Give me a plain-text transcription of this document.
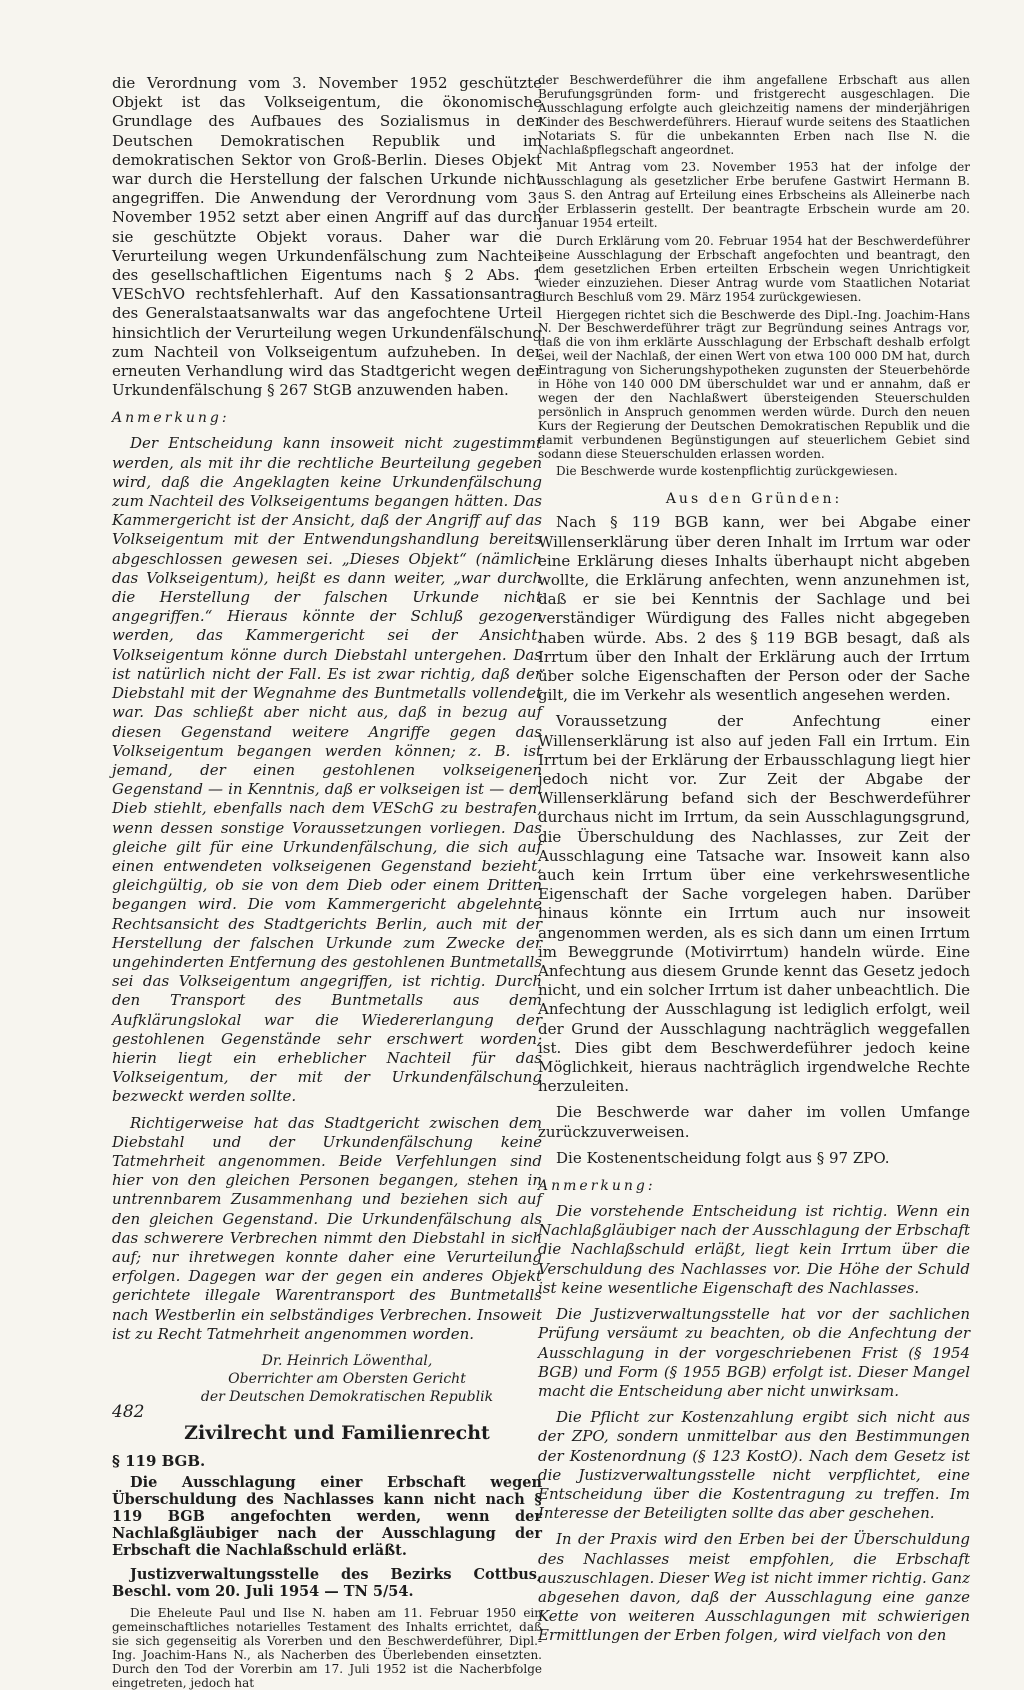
die Verordnung vom 3. November 1952 geschützte Objekt ist das Volkseigentum, die ökonomische Grundlage des Aufbaues des Sozialismus in der Deutschen Demokratischen Republik und im demokratischen Sektor von Groß-Berlin. Dieses Objekt war durch die Herstellung der falschen Urkunde nicht angegriffen. Die Anwendung der Verordnung vom 3. November 1952 setzt aber einen Angriff auf das durch sie geschützte Objekt voraus. Daher war die Verurteilung wegen Urkundenfälschung zum Nachteil des gesellschaftlichen Eigentums nach § 2 Abs. 1 VESchVO rechtsfehlerhaft. Auf den Kassationsantrag des Generalstaatsanwalts war das angefochtene Urteil hinsichtlich der Verurteilung wegen Urkundenfälschung zum Nachteil von Volkseigentum aufzuheben. In der erneuten Verhandlung wird das Stadtgericht wegen der Urkundenfälschung § 267 StGB anzuwenden haben.

Anmerkung:

Der Entscheidung kann insoweit nicht zugestimmt werden, als mit ihr die rechtliche Beurteilung gegeben wird, daß die Angeklagten keine Urkundenfälschung zum Nachteil des Volkseigentums begangen hätten. Das Kammergericht ist der Ansicht, daß der Angriff auf das Volkseigentum mit der Entwendungshandlung bereits abgeschlossen gewesen sei. „Dieses Objekt“ (nämlich das Volkseigentum), heißt es dann weiter, „war durch die Herstellung der falschen Urkunde nicht angegriffen.“ Hieraus könnte der Schluß gezogen werden, das Kammergericht sei der Ansicht, Volkseigentum könne durch Diebstahl untergehen. Das ist natürlich nicht der Fall. Es ist zwar richtig, daß der Diebstahl mit der Wegnahme des Buntmetalls vollendet war. Das schließt aber nicht aus, daß in bezug auf diesen Gegenstand weitere Angriffe gegen das Volkseigentum begangen werden können; z. B. ist jemand, der einen gestohlenen volkseigenen Gegenstand — in Kenntnis, daß er volkseigen ist — dem Dieb stiehlt, ebenfalls nach dem VESchG zu bestrafen, wenn dessen sonstige Voraussetzungen vorliegen. Das gleiche gilt für eine Urkundenfälschung, die sich auf einen entwendeten volkseigenen Gegenstand bezieht, gleichgültig, ob sie von dem Dieb oder einem Dritten begangen wird. Die vom Kammergericht abgelehnte Rechtsansicht des Stadtgerichts Berlin, auch mit der Herstellung der falschen Urkunde zum Zwecke der ungehinderten Entfernung des gestohlenen Buntmetalls sei das Volkseigentum angegriffen, ist richtig. Durch den Transport des Buntmetalls aus dem Aufklärungslokal war die Wiedererlangung der gestohlenen Gegenstände sehr erschwert worden; hierin liegt ein erheblicher Nachteil für das Volkseigentum, der mit der Urkundenfälschung bezweckt werden sollte.

Richtigerweise hat das Stadtgericht zwischen dem Diebstahl und der Urkundenfälschung keine Tatmehrheit angenommen. Beide Verfehlungen sind hier von den gleichen Personen begangen, stehen in untrennbarem Zusammenhang und beziehen sich auf den gleichen Gegenstand. Die Urkundenfälschung als das schwerere Verbrechen nimmt den Diebstahl in sich auf; nur ihretwegen konnte daher eine Verurteilung erfolgen. Dagegen war der gegen ein anderes Objekt gerichtete illegale Warentransport des Buntmetalls nach Westberlin ein selbständiges Verbrechen. Insoweit ist zu Recht Tatmehrheit angenommen worden.

Dr. Heinrich Löwenthal,
Oberrichter am Obersten Gericht
der Deutschen Demokratischen Republik
Zivilrecht und Familienrecht
§ 119 BGB.

Die Ausschlagung einer Erbschaft wegen Überschuldung des Nachlasses kann nicht nach § 119 BGB angefochten werden, wenn der Nachlaßgläubiger nach der Ausschlagung der Erbschaft die Nachlaßschuld erläßt.

Justizverwaltungsstelle des Bezirks Cottbus, Beschl. vom 20. Juli 1954 — TN 5/54.

Die Eheleute Paul und Ilse N. haben am 11. Februar 1950 ein gemeinschaftliches notarielles Testament des Inhalts errichtet, daß sie sich gegenseitig als Vorerben und den Beschwerdeführer, Dipl.-Ing. Joachim-Hans N., als Nacherben des Überlebenden einsetzten. Durch den Tod der Vorerbin am 17. Juli 1952 ist die Nacherbfolge eingetreten, jedoch hat

der Beschwerdeführer die ihm angefallene Erbschaft aus allen Berufungsgründen form- und fristgerecht ausgeschlagen. Die Ausschlagung erfolgte auch gleichzeitig namens der minderjährigen Kinder des Beschwerdeführers. Hierauf wurde seitens des Staatlichen Notariats S. für die unbekannten Erben nach Ilse N. die Nachlaßpflegschaft angeordnet.

Mit Antrag vom 23. November 1953 hat der infolge der Ausschlagung als gesetzlicher Erbe berufene Gastwirt Hermann B. aus S. den Antrag auf Erteilung eines Erbscheins als Alleinerbe nach der Erblasserin gestellt. Der beantragte Erbschein wurde am 20. Januar 1954 erteilt.

Durch Erklärung vom 20. Februar 1954 hat der Beschwerdeführer seine Ausschlagung der Erbschaft angefochten und beantragt, den dem gesetzlichen Erben erteilten Erbschein wegen Unrichtigkeit wieder einzuziehen. Dieser Antrag wurde vom Staatlichen Notariat durch Beschluß vom 29. März 1954 zurückgewiesen.

Hiergegen richtet sich die Beschwerde des Dipl.-Ing. Joachim-Hans N. Der Beschwerdeführer trägt zur Begründung seines Antrags vor, daß die von ihm erklärte Ausschlagung der Erbschaft deshalb erfolgt sei, weil der Nachlaß, der einen Wert von etwa 100 000 DM hat, durch Eintragung von Sicherungshypotheken zugunsten der Steuerbehörde in Höhe von 140 000 DM überschuldet war und er annahm, daß er wegen der den Nachlaßwert übersteigenden Steuerschulden persönlich in Anspruch genommen werden würde. Durch den neuen Kurs der Regierung der Deutschen Demokratischen Republik und die damit verbundenen Begünstigungen auf steuerlichem Gebiet sind sodann diese Steuerschulden erlassen worden.

Die Beschwerde wurde kostenpflichtig zurückgewiesen.

Aus den Gründen:

Nach § 119 BGB kann, wer bei Abgabe einer Willenserklärung über deren Inhalt im Irrtum war oder eine Erklärung dieses Inhalts überhaupt nicht abgeben wollte, die Erklärung anfechten, wenn anzunehmen ist, daß er sie bei Kenntnis der Sachlage und bei verständiger Würdigung des Falles nicht abgegeben haben würde. Abs. 2 des § 119 BGB besagt, daß als Irrtum über den Inhalt der Erklärung auch der Irrtum über solche Eigenschaften der Person oder der Sache gilt, die im Verkehr als wesentlich angesehen werden.

Voraussetzung der Anfechtung einer Willenserklärung ist also auf jeden Fall ein Irrtum. Ein Irrtum bei der Erklärung der Erbausschlagung liegt hier jedoch nicht vor. Zur Zeit der Abgabe der Willenserklärung befand sich der Beschwerdeführer durchaus nicht im Irrtum, da sein Ausschlagungsgrund, die Überschuldung des Nachlasses, zur Zeit der Ausschlagung eine Tatsache war. Insoweit kann also auch kein Irrtum über eine verkehrswesentliche Eigenschaft der Sache vorgelegen haben. Darüber hinaus könnte ein Irrtum auch nur insoweit angenommen werden, als es sich dann um einen Irrtum im Beweggrunde (Motivirrtum) handeln würde. Eine Anfechtung aus diesem Grunde kennt das Gesetz jedoch nicht, und ein solcher Irrtum ist daher unbeachtlich. Die Anfechtung der Ausschlagung ist lediglich erfolgt, weil der Grund der Ausschlagung nachträglich weggefallen ist. Dies gibt dem Beschwerdeführer jedoch keine Möglichkeit, hieraus nachträglich irgendwelche Rechte herzuleiten.

Die Beschwerde war daher im vollen Umfange zurückzuverweisen.

Die Kostenentscheidung folgt aus § 97 ZPO.

Anmerkung:

Die vorstehende Entscheidung ist richtig. Wenn ein Nachlaßgläubiger nach der Ausschlagung der Erbschaft die Nachlaßschuld erläßt, liegt kein Irrtum über die Verschuldung des Nachlasses vor. Die Höhe der Schuld ist keine wesentliche Eigenschaft des Nachlasses.

Die Justizverwaltungsstelle hat vor der sachlichen Prüfung versäumt zu beachten, ob die Anfechtung der Ausschlagung in der vorgeschriebenen Frist (§ 1954 BGB) und Form (§ 1955 BGB) erfolgt ist. Dieser Mangel macht die Entscheidung aber nicht unwirksam.

Die Pflicht zur Kostenzahlung ergibt sich nicht aus der ZPO, sondern unmittelbar aus den Bestimmungen der Kostenordnung (§ 123 KostO). Nach dem Gesetz ist die Justizverwaltungsstelle nicht verpflichtet, eine Entscheidung über die Kostentragung zu treffen. Im Interesse der Beteiligten sollte das aber geschehen.

In der Praxis wird den Erben bei der Überschuldung des Nachlasses meist empfohlen, die Erbschaft auszuschlagen. Dieser Weg ist nicht immer richtig. Ganz abgesehen davon, daß der Ausschlagung eine ganze Kette von weiteren Ausschlagungen mit schwierigen Ermittlungen der Erben folgen, wird vielfach von den

482
